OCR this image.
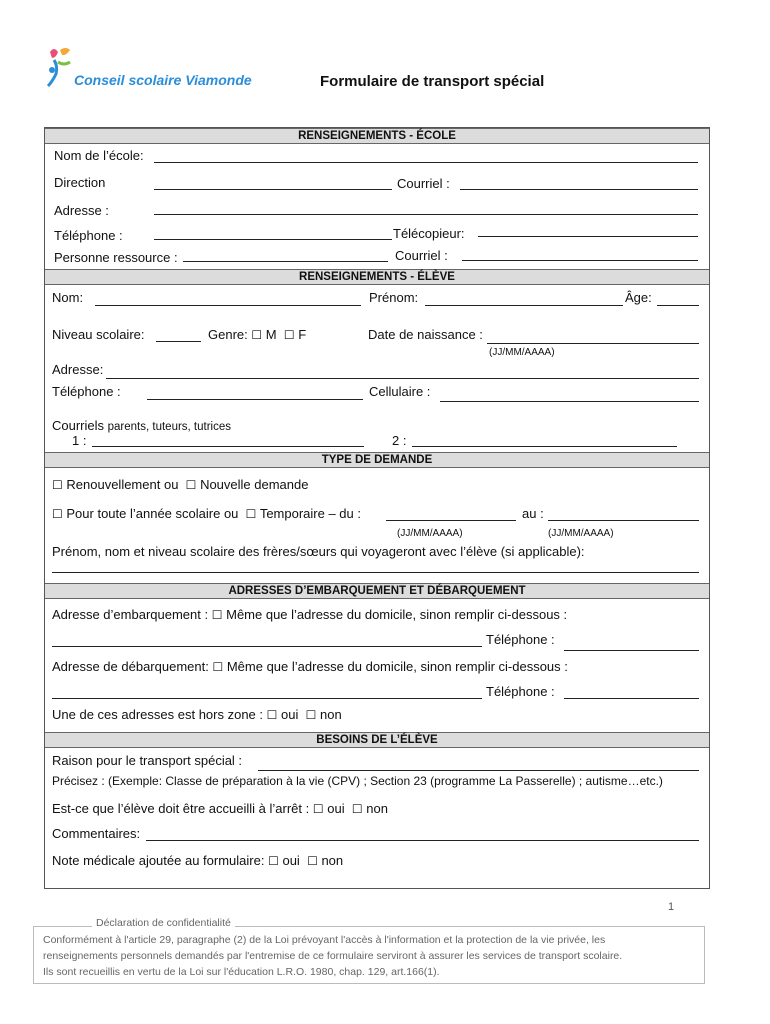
Conseil scolaire Viamonde	Formulaire de transport spécial
RENSEIGNEMENTS - ÉCOLE
Nom de l’école:
Direction	Courriel :
Adresse :
Téléphone :	Télécopieur:
Personne ressource :	Courriel :
RENSEIGNEMENTS - ÉLÈVE
Nom:	Prénom:	Âge:
Niveau scolaire:	Genre: ☐ M ☐ F	Date de naissance :
(JJ/MM/AAAA)
Adresse:
Téléphone :	Cellulaire :
Courriels parents, tuteurs, tutrices
1 :	2 :
TYPE DE DEMANDE
☐ Renouvellement ou ☐ Nouvelle demande
☐ Pour toute l’année scolaire ou ☐ Temporaire – du :	au :
(JJ/MM/AAAA)	(JJ/MM/AAAA)
Prénom, nom et niveau scolaire des frères/sœurs qui voyageront avec l’élève (si applicable):
ADRESSES D’EMBARQUEMENT ET DÉBARQUEMENT
Adresse d’embarquement : ☐ Même que l’adresse du domicile, sinon remplir ci-dessous :
Téléphone :
Adresse de débarquement: ☐ Même que l’adresse du domicile, sinon remplir ci-dessous :
Téléphone :
Une de ces adresses est hors zone : ☐ oui ☐ non
BESOINS DE L’ÉLÈVE
Raison pour le transport spécial :
Précisez : (Exemple: Classe de préparation à la vie (CPV) ; Section 23 (programme La Passerelle) ; autisme…etc.)
Est-ce que l’élève doit être accueilli à l’arrêt : ☐ oui ☐ non
Commentaires:
Note médicale ajoutée au formulaire: ☐ oui ☐ non
1
Déclaration de confidentialité
Conformément à l'article 29, paragraphe (2) de la Loi prévoyant l'accès à l'information et la protection de la vie privée, les
renseignements personnels demandés par l'entremise de ce formulaire serviront à assurer les services de transport scolaire.
Ils sont recueillis en vertu de la Loi sur l'éducation L.R.O. 1980, chap. 129, art.166(1).
